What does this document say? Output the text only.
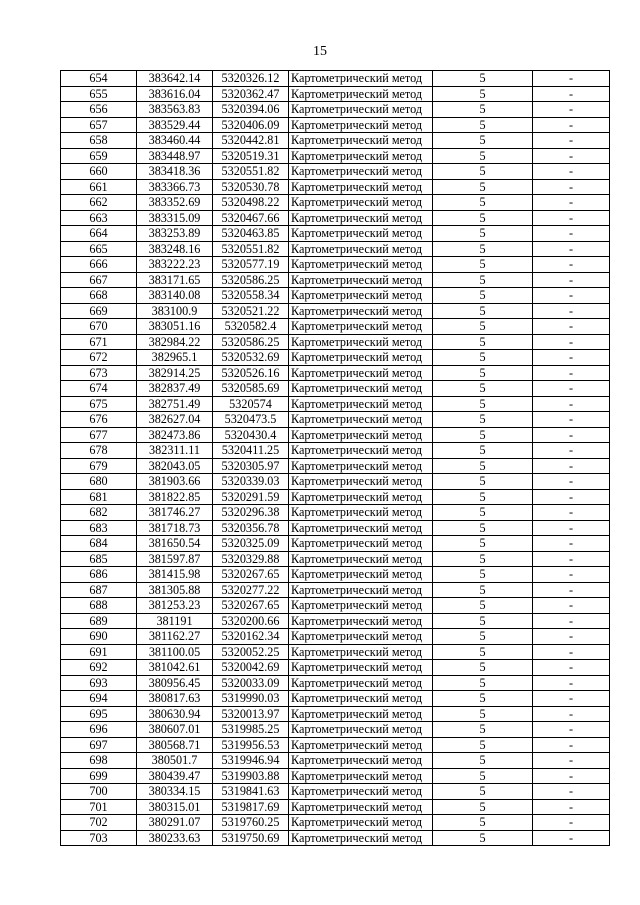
15
654	383642.14	5320326.12	Картометрический метод	5	-
655	383616.04	5320362.47	Картометрический метод	5	-
656	383563.83	5320394.06	Картометрический метод	5	-
657	383529.44	5320406.09	Картометрический метод	5	-
658	383460.44	5320442.81	Картометрический метод	5	-
659	383448.97	5320519.31	Картометрический метод	5	-
660	383418.36	5320551.82	Картометрический метод	5	-
661	383366.73	5320530.78	Картометрический метод	5	-
662	383352.69	5320498.22	Картометрический метод	5	-
663	383315.09	5320467.66	Картометрический метод	5	-
664	383253.89	5320463.85	Картометрический метод	5	-
665	383248.16	5320551.82	Картометрический метод	5	-
666	383222.23	5320577.19	Картометрический метод	5	-
667	383171.65	5320586.25	Картометрический метод	5	-
668	383140.08	5320558.34	Картометрический метод	5	-
669	383100.9	5320521.22	Картометрический метод	5	-
670	383051.16	5320582.4	Картометрический метод	5	-
671	382984.22	5320586.25	Картометрический метод	5	-
672	382965.1	5320532.69	Картометрический метод	5	-
673	382914.25	5320526.16	Картометрический метод	5	-
674	382837.49	5320585.69	Картометрический метод	5	-
675	382751.49	5320574	Картометрический метод	5	-
676	382627.04	5320473.5	Картометрический метод	5	-
677	382473.86	5320430.4	Картометрический метод	5	-
678	382311.11	5320411.25	Картометрический метод	5	-
679	382043.05	5320305.97	Картометрический метод	5	-
680	381903.66	5320339.03	Картометрический метод	5	-
681	381822.85	5320291.59	Картометрический метод	5	-
682	381746.27	5320296.38	Картометрический метод	5	-
683	381718.73	5320356.78	Картометрический метод	5	-
684	381650.54	5320325.09	Картометрический метод	5	-
685	381597.87	5320329.88	Картометрический метод	5	-
686	381415.98	5320267.65	Картометрический метод	5	-
687	381305.88	5320277.22	Картометрический метод	5	-
688	381253.23	5320267.65	Картометрический метод	5	-
689	381191	5320200.66	Картометрический метод	5	-
690	381162.27	5320162.34	Картометрический метод	5	-
691	381100.05	5320052.25	Картометрический метод	5	-
692	381042.61	5320042.69	Картометрический метод	5	-
693	380956.45	5320033.09	Картометрический метод	5	-
694	380817.63	5319990.03	Картометрический метод	5	-
695	380630.94	5320013.97	Картометрический метод	5	-
696	380607.01	5319985.25	Картометрический метод	5	-
697	380568.71	5319956.53	Картометрический метод	5	-
698	380501.7	5319946.94	Картометрический метод	5	-
699	380439.47	5319903.88	Картометрический метод	5	-
700	380334.15	5319841.63	Картометрический метод	5	-
701	380315.01	5319817.69	Картометрический метод	5	-
702	380291.07	5319760.25	Картометрический метод	5	-
703	380233.63	5319750.69	Картометрический метод	5	-
